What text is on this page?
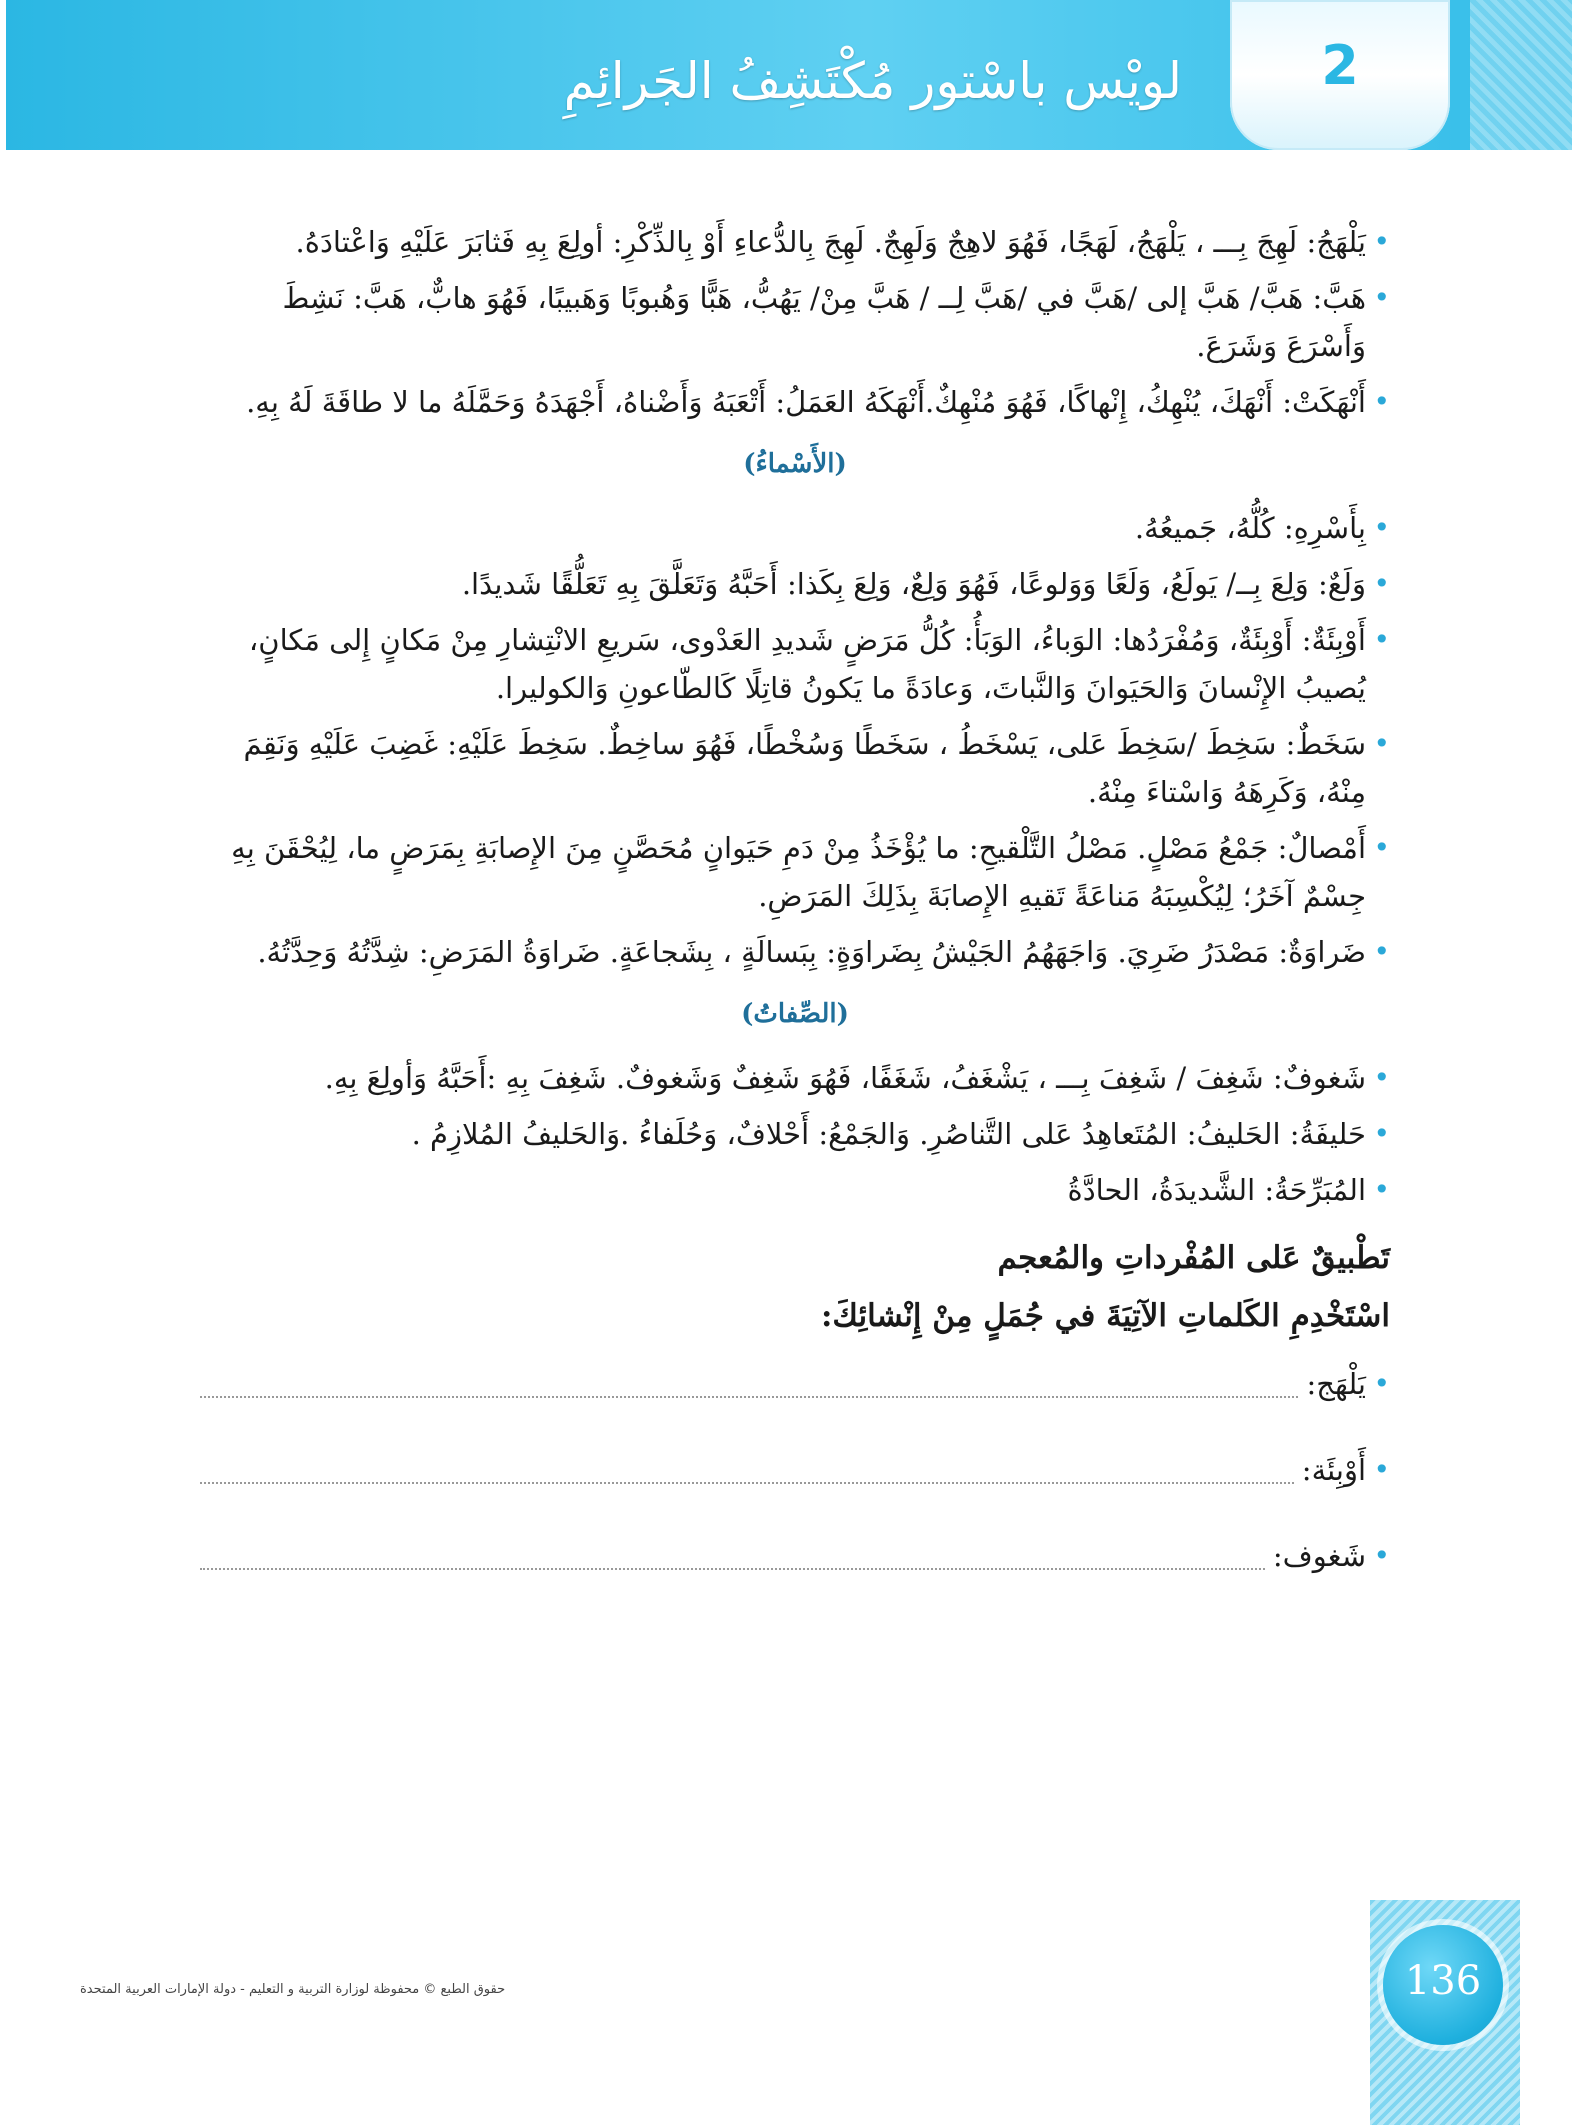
2
لويْس باسْتور مُكْتَشِفُ الجَرائِمِ
• يَلْهَجُ: لَهِجَ بِـــ ، يَلْهَجُ، لَهَجًا، فَهُوَ لاهِجٌ وَلَهِجٌ. لَهِجَ بِالدُّعاءِ أَوْ بِالذِّكْرِ: أولِعَ بِهِ فَثابَرَ عَلَيْهِ وَاعْتادَهُ.
• هَبَّ: هَبَّ/ هَبَّ إلى /هَبَّ في /هَبَّ لِــ / هَبَّ مِنْ/ يَهُبُّ، هَبًّا وَهُبوبًا وَهَبيبًا، فَهُوَ هابٌّ، هَبَّ: نَشِطَ وَأَسْرَعَ وَشَرَعَ.
• أَنْهَكَتْ: أَنْهَكَ، يُنْهِكُ، إِنْهاكًا، فَهُوَ مُنْهِكٌ.أَنْهَكَهُ العَمَلُ: أَتْعَبَهُ وَأَضْناهُ، أَجْهَدَهُ وَحَمَّلَهُ ما لا طاقَةَ لَهُ بِهِ.
(الأَسْماءُ)
• بِأَسْرِهِ: كُلُّهُ، جَميعُهُ.
• وَلَعٌ: وَلِعَ بِــ/ يَولَعُ، وَلَعًا وَوَلوعًا، فَهُوَ وَلِعٌ، وَلِعَ بِكَذا: أَحَبَّهُ وَتَعَلَّقَ بِهِ تَعَلُّقًا شَديدًا.
• أَوْبِئَةٌ: أَوْبِئَةٌ، وَمُفْرَدُها: الوَباءُ، الوَبَأُ: كُلُّ مَرَضٍ شَديدِ العَدْوى، سَريعِ الانْتِشارِ مِنْ مَكانٍ إِلى مَكانٍ، يُصيبُ الإِنْسانَ وَالحَيَوانَ وَالنَّباتَ، وَعادَةً ما يَكونُ قاتِلًا كَالطّاعونِ وَالكوليرا.
• سَخَطٌ: سَخِطَ /سَخِطَ عَلى، يَسْخَطُ ، سَخَطًا وَسُخْطًا، فَهُوَ ساخِطٌ. سَخِطَ عَلَيْهِ: غَضِبَ عَلَيْهِ وَنَقِمَ مِنْهُ، وَكَرِهَهُ وَاسْتاءَ مِنْهُ.
• أَمْصالٌ: جَمْعُ مَصْلٍ. مَصْلُ التَّلْقيحِ: ما يُؤْخَذُ مِنْ دَمِ حَيَوانٍ مُحَصَّنٍ مِنَ الإِصابَةِ بِمَرَضٍ ما، لِيُحْقَنَ بِهِ جِسْمٌ آخَرُ؛ لِيُكْسِبَهُ مَناعَةً تَقيهِ الإِصابَةَ بِذَلِكَ المَرَضِ.
• ضَراوَةٌ: مَصْدَرُ ضَرِيَ. وَاجَهَهُمُ الجَيْشُ بِضَراوَةٍ: بِبَسالَةٍ ، بِشَجاعَةٍ. ضَراوَةُ المَرَضِ: شِدَّتُهُ وَحِدَّتُهُ.
(الصِّفاتُ)
• شَغوفٌ: شَغِفَ / شَغِفَ بِـــ ، يَشْغَفُ، شَغَفًا، فَهُوَ شَغِفٌ وَشَغوفٌ. شَغِفَ بِهِ :أَحَبَّهُ وَأولِعَ بِهِ.
• حَليفَةُ: الحَليفُ: المُتَعاهِدُ عَلى التَّناصُرِ. وَالجَمْعُ: أَحْلافٌ، وَحُلَفاءُ .وَالحَليفُ المُلازِمُ .
• المُبَرِّحَةُ: الشَّديدَةُ، الحادَّةُ
تَطْبيقٌ عَلى المُفْرداتِ والمُعجم
اسْتَخْدِمِ الكَلماتِ الآتِيَةَ في جُمَلٍ مِنْ إِنْشائِكَ:
• يَلْهَج:
• أَوْبِئَة:
• شَغوف:
حقوق الطبع © محفوظة لوزارة التربية و التعليم - دولة الإمارات العربية المتحدة	136
